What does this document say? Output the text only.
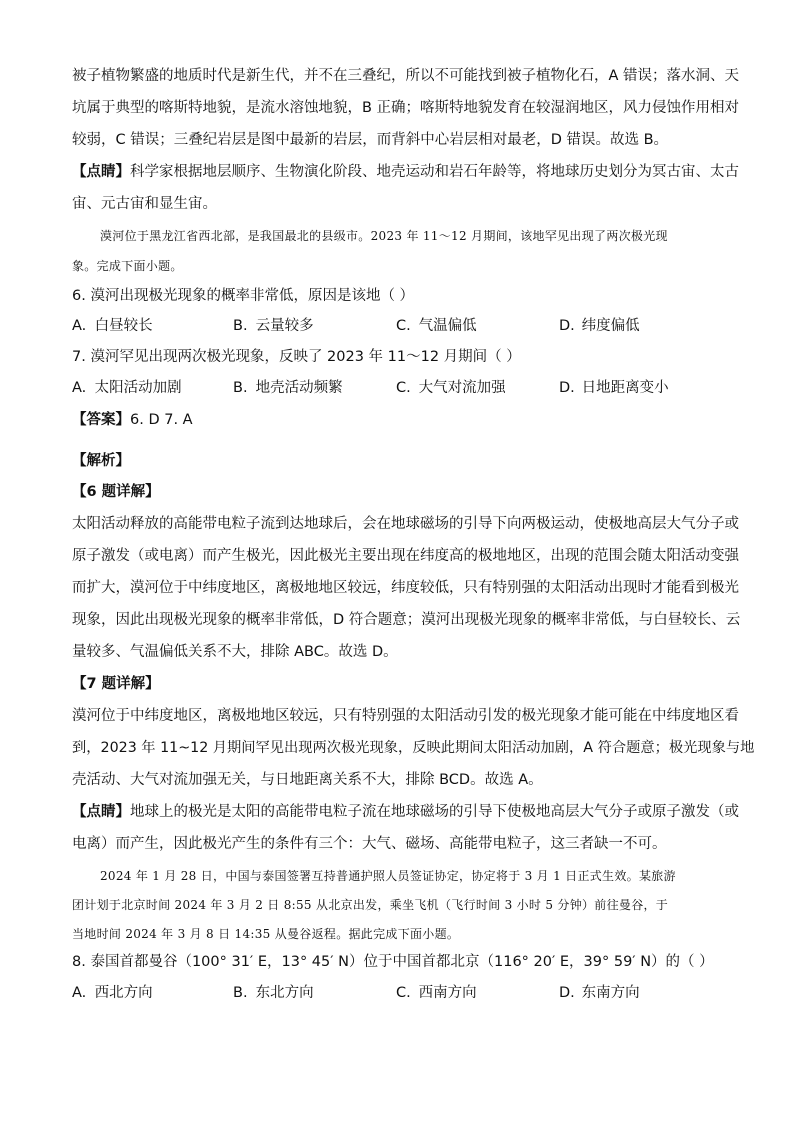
被子植物繁盛的地质时代是新生代，并不在三叠纪，所以不可能找到被子植物化石，A 错误；落水洞、天
坑属于典型的喀斯特地貌，是流水溶蚀地貌，B 正确；喀斯特地貌发育在较湿润地区，风力侵蚀作用相对
较弱，C 错误；三叠纪岩层是图中最新的岩层，而背斜中心岩层相对最老，D 错误。故选 B。
【点睛】科学家根据地层顺序、生物演化阶段、地壳运动和岩石年龄等，将地球历史划分为冥古宙、太古
宙、元古宙和显生宙。
漠河位于黑龙江省西北部，是我国最北的县级市。2023 年 11～12 月期间，该地罕见出现了两次极光现
象。完成下面小题。
6. 漠河出现极光现象的概率非常低，原因是该地（ ）
A. 白昼较长	B. 云量较多	C. 气温偏低	D. 纬度偏低
7. 漠河罕见出现两次极光现象，反映了 2023 年 11～12 月期间（ ）
A. 太阳活动加剧	B. 地壳活动频繁	C. 大气对流加强	D. 日地距离变小
【答案】6. D 7. A
【解析】
【6 题详解】
太阳活动释放的高能带电粒子流到达地球后，会在地球磁场的引导下向两极运动，使极地高层大气分子或
原子激发（或电离）而产生极光，因此极光主要出现在纬度高的极地地区，出现的范围会随太阳活动变强
而扩大，漠河位于中纬度地区，离极地地区较远，纬度较低，只有特别强的太阳活动出现时才能看到极光
现象，因此出现极光现象的概率非常低，D 符合题意；漠河出现极光现象的概率非常低，与白昼较长、云
量较多、气温偏低关系不大，排除 ABC。故选 D。
【7 题详解】
漠河位于中纬度地区，离极地地区较远，只有特别强的太阳活动引发的极光现象才能可能在中纬度地区看
到，2023 年 11~12 月期间罕见出现两次极光现象，反映此期间太阳活动加剧，A 符合题意；极光现象与地
壳活动、大气对流加强无关，与日地距离关系不大，排除 BCD。故选 A。
【点睛】地球上的极光是太阳的高能带电粒子流在地球磁场的引导下使极地高层大气分子或原子激发（或
电离）而产生，因此极光产生的条件有三个：大气、磁场、高能带电粒子，这三者缺一不可。
2024 年 1 月 28 日，中国与泰国签署互持普通护照人员签证协定，协定将于 3 月 1 日正式生效。某旅游
团计划于北京时间 2024 年 3 月 2 日 8:55 从北京出发，乘坐飞机（飞行时间 3 小时 5 分钟）前往曼谷，于
当地时间 2024 年 3 月 8 日 14:35 从曼谷返程。据此完成下面小题。
8. 泰国首都曼谷（100° 31′ E，13° 45′ N）位于中国首都北京（116° 20′ E，39° 59′ N）的（ ）
A. 西北方向	B. 东北方向	C. 西南方向	D. 东南方向
